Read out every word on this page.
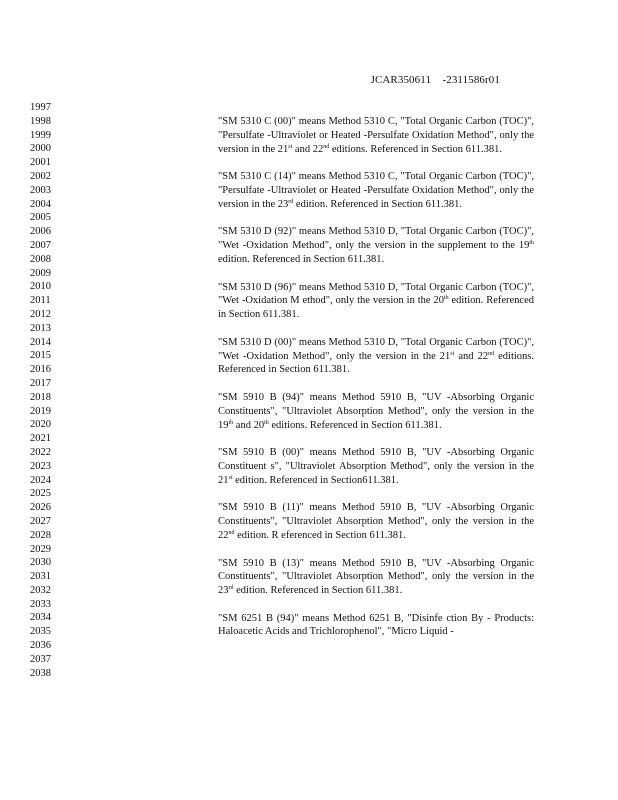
JCAR350611 -2311586r01
1997
1998
1999
2000
2001
2002
2003
2004
2005
2006
2007
2008
2009
2010
2011
2012
2013
2014
2015
2016
2017
2018
2019
2020
2021
2022
2023
2024
2025
2026
2027
2028
2029
2030
2031
2032
2033
2034
2035
2036
2037
2038
"SM 5310 C (00)" means Method 5310 C, "Total Organic Carbon (TOC)", "Persulfate -Ultraviolet or Heated -Persulfate Oxidation Method", only the version in the 21st and 22nd editions. Referenced in Section 611.381.
"SM 5310 C (14)" means Method 5310 C, "Total Organic Carbon (TOC)", "Persulfate -Ultraviolet or Heated -Persulfate Oxidation Method", only the version in the 23rd edition. Referenced in Section 611.381.
"SM 5310 D (92)" means Method 5310 D, "Total Organic Carbon (TOC)", "Wet -Oxidation Method", only the version in the supplement to the 19th edition. Referenced in Section 611.381.
"SM 5310 D (96)" means Method 5310 D, "Total Organic Carbon (TOC)", "Wet -Oxidation M ethod", only the version in the 20th edition. Referenced in Section 611.381.
"SM 5310 D (00)" means Method 5310 D, "Total Organic Carbon (TOC)", "Wet -Oxidation Method", only the version in the 21st and 22nd editions. Referenced in Section 611.381.
"SM 5910 B (94)" means Method 5910 B, "UV -Absorbing Organic Constituents", "Ultraviolet Absorption Method", only the version in the 19th and 20th editions. Referenced in Section 611.381.
"SM 5910 B (00)" means Method 5910 B, "UV -Absorbing Organic Constituent s", "Ultraviolet Absorption Method", only the version in the 21st edition. Referenced in Section611.381.
"SM 5910 B (11)" means Method 5910 B, "UV -Absorbing Organic Constituents", "Ultraviolet Absorption Method", only the version in the 22nd edition. R eferenced in Section 611.381.
"SM 5910 B (13)" means Method 5910 B, "UV -Absorbing Organic Constituents", "Ultraviolet Absorption Method", only the version in the 23rd edition. Referenced in Section 611.381.
"SM 6251 B (94)" means Method 6251 B, "Disinfe ction By - Products: Haloacetic Acids and Trichlorophenol", "Micro Liquid -
